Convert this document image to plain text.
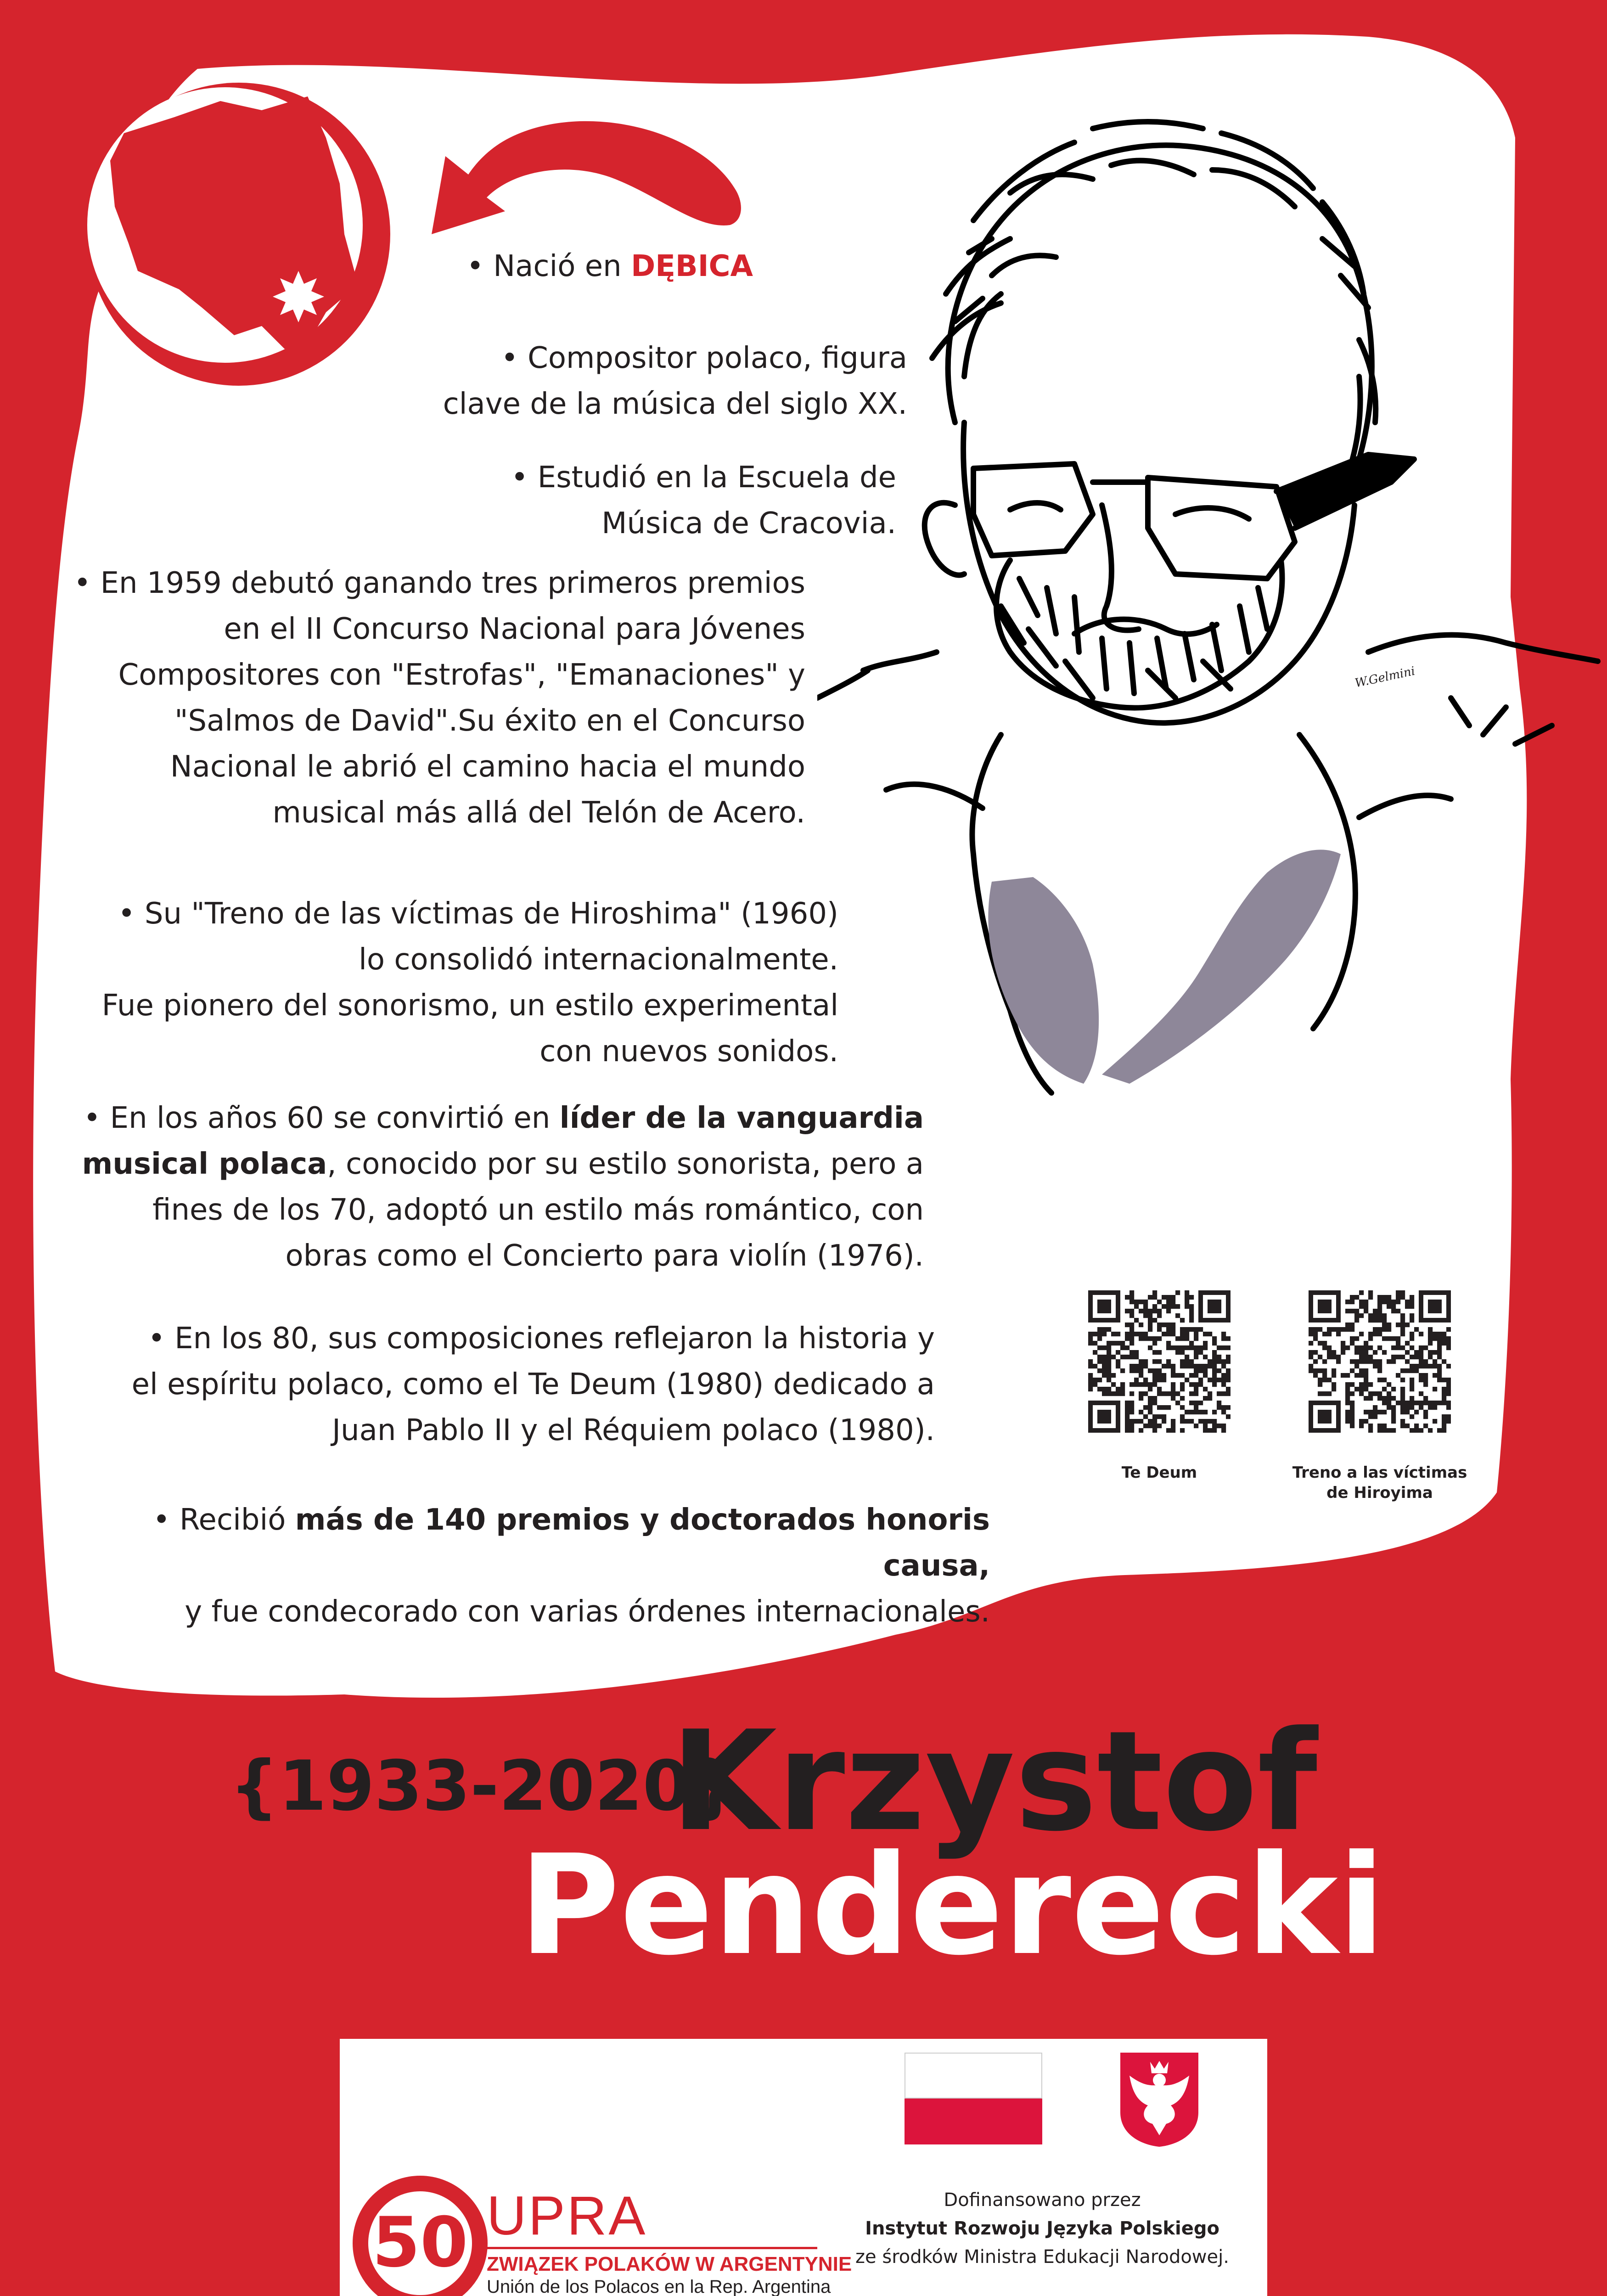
W.Gelmini
• Nació en DĘBICA
• Compositor polaco, figura
clave de la música del siglo XX.
• Estudió en la Escuela de
Música de Cracovia.
• En 1959 debutó ganando tres primeros premios
en el II Concurso Nacional para Jóvenes
Compositores con "Estrofas", "Emanaciones" y
"Salmos de David".Su éxito en el Concurso
Nacional le abrió el camino hacia el mundo
musical más allá del Telón de Acero.
• Su "Treno de las víctimas de Hiroshima" (1960)
lo consolidó internacionalmente.
Fue pionero del sonorismo, un estilo experimental
con nuevos sonidos.
• En los años 60 se convirtió en líder de la vanguardia
musical polaca, conocido por su estilo sonorista, pero a
fines de los 70, adoptó un estilo más romántico, con
obras como el Concierto para violín (1976).
• En los 80, sus composiciones reflejaron la historia y
el espíritu polaco, como el Te Deum (1980) dedicado a
Juan Pablo II y el Réquiem polaco (1980).
• Recibió más de 140 premios y doctorados honoris causa,
y fue condecorado con varias órdenes internacionales.
Te Deum	Treno a las víctimas de Hiroyima
{1933-2020}
Krzystof
Penderecki
50 UPRA
ZWIĄZEK POLAKÓW W ARGENTYNIE
Unión de los Polacos en la Rep. Argentina
Dofinansowano przez
Instytut Rozwoju Języka Polskiego
ze środków Ministra Edukacji Narodowej.
